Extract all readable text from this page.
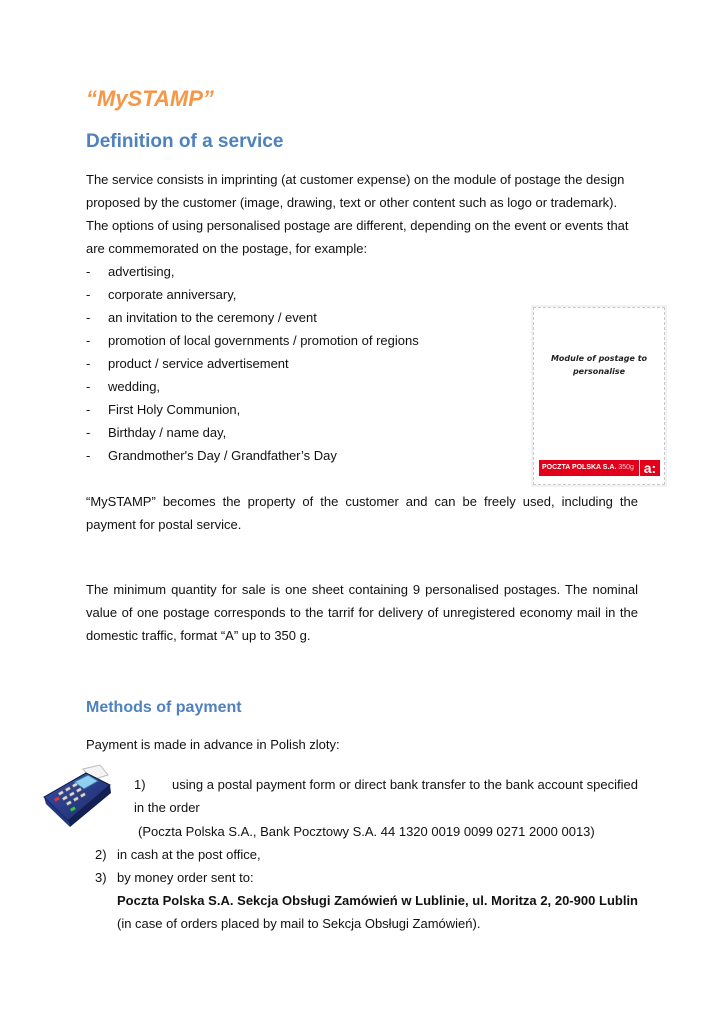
“MySTAMP”
Definition of a service

The service consists in imprinting (at customer expense) on the module of postage the design proposed by the customer (image, drawing, text or other content such as logo or trademark). The options of using personalised postage are different, depending on the event or events that are commemorated on the postage, for example:

- advertising,
- corporate anniversary,
- an invitation to the ceremony / event
- promotion of local governments / promotion of regions
- product / service advertisement
- wedding,
- First Holy Communion,
- Birthday / name day,
- Grandmother's Day / Grandfather’s Day
Module of postage to personalise
POCZTA POLSKA S.A. 350g a:

“MySTAMP” becomes the property of the customer and can be freely used, including the payment for postal service.

The minimum quantity for sale is one sheet containing 9 personalised postages. The nominal value of one postage corresponds to the tarrif for delivery of unregistered economy mail in the domestic traffic, format “A” up to 350 g.

Methods of payment

Payment is made in advance in Polish zloty:

1) using a postal payment form or direct bank transfer to the bank account specified in the order

(Poczta Polska S.A., Bank Pocztowy S.A. 44 1320 0019 0099 0271 2000 0013)

2) in cash at the post office,
3) by money order sent to:

Poczta Polska S.A. Sekcja Obsługi Zamówień w Lublinie, ul. Moritza 2, 20-900 Lublin (in case of orders placed by mail to Sekcja Obsługi Zamówień).
